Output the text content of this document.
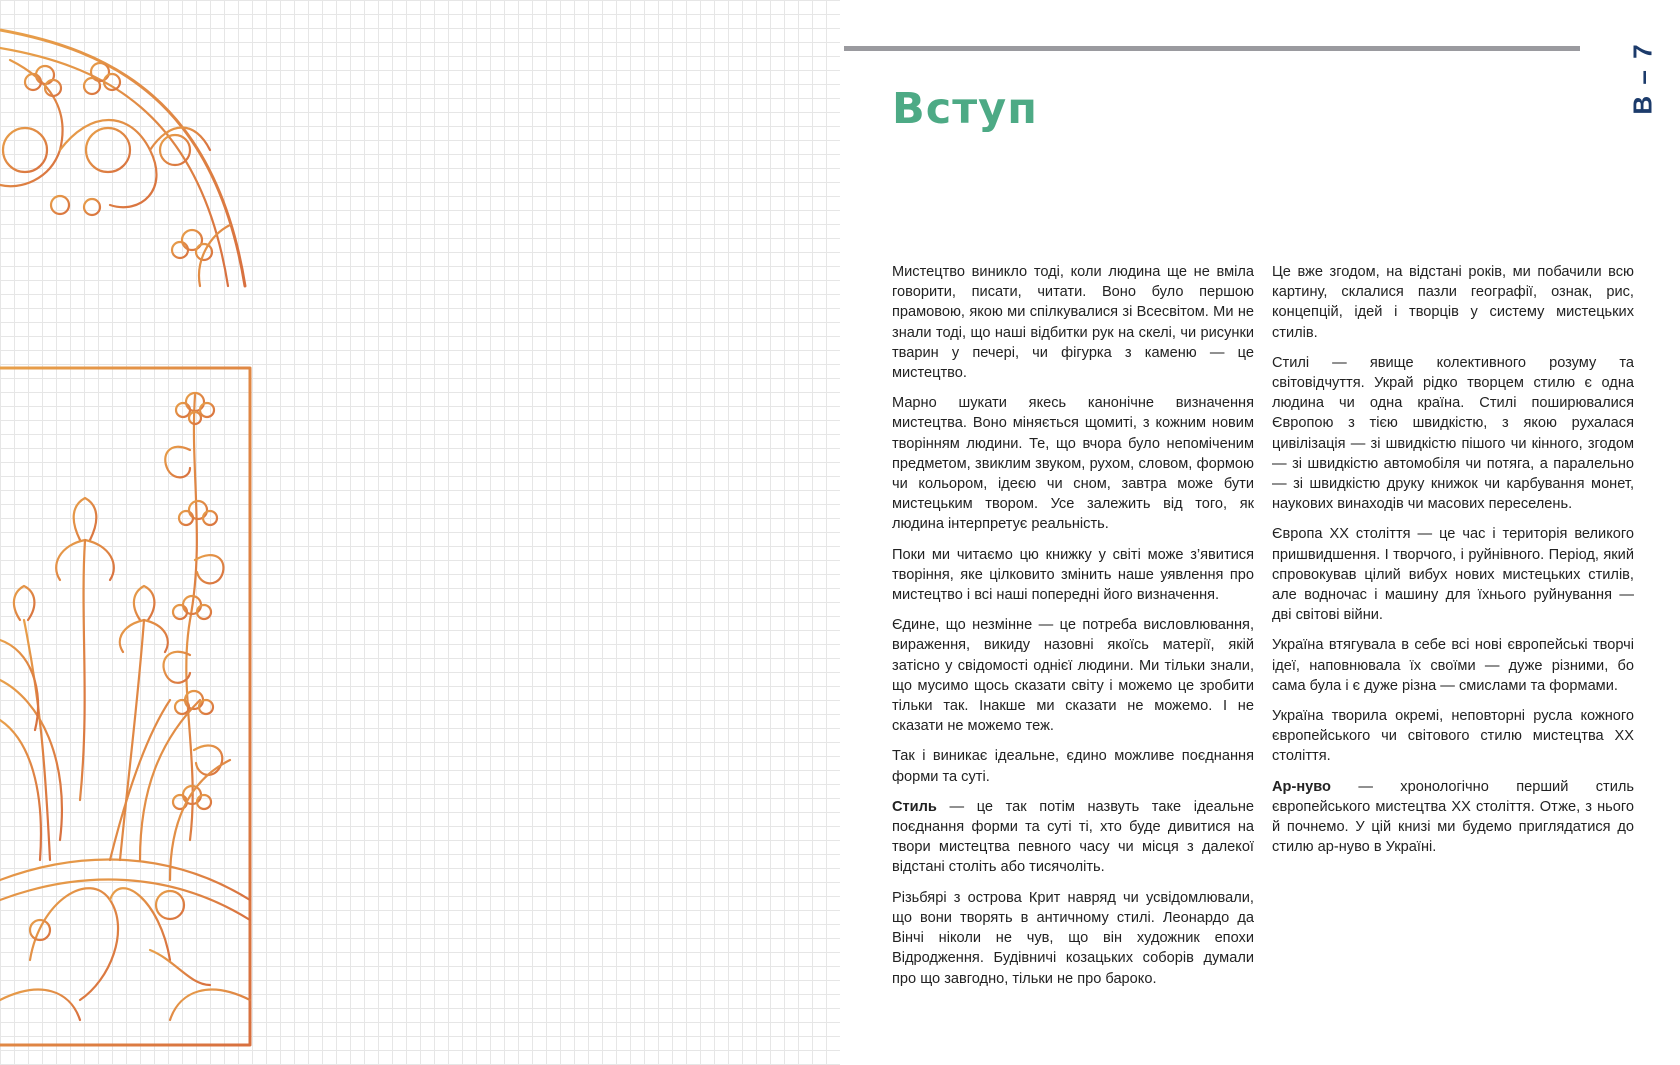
В – 7
Вступ

Мистецтво виникло тоді, коли людина ще не вміла говорити, писати, читати. Воно було першою прамовою, якою ми спілкувалися зі Всесвітом. Ми не знали тоді, що наші відбитки рук на скелі, чи рисунки тварин у печері, чи фігурка з каменю — це мистецтво.

Марно шукати якесь канонічне визначення мистецтва. Воно міняється щомиті, з кожним новим творінням людини. Те, що вчора було непоміченим предметом, звиклим звуком, рухом, словом, формою чи кольором, ідеєю чи сном, завтра може бути мистецьким твором. Усе залежить від того, як людина інтерпретує реальність.

Поки ми читаємо цю книжку у світі може з’явитися творіння, яке цілковито змінить наше уявлення про мистецтво і всі наші попередні його визначення.

Єдине, що незмінне — це потреба висловлювання, вираження, викиду назовні якоїсь матерії, якій затісно у свідомості однієї людини. Ми тільки знали, що мусимо щось сказати світу і можемо це зробити тільки так. Інакше ми сказати не можемо. І не сказати не можемо теж.

Так і виникає ідеальне, єдино можливе поєднання форми та суті.

Стиль — це так потім назвуть таке ідеальне поєднання форми та суті ті, хто буде дивитися на твори мистецтва певного часу чи місця з далекої відстані століть або тисячоліть.

Різьбярі з острова Крит навряд чи усвідомлювали, що вони творять в античному стилі. Леонардо да Вінчі ніколи не чув, що він художник епохи Відродження. Будівничі козацьких соборів думали про що завгодно, тільки не про бароко.

Це вже згодом, на відстані років, ми побачили всю картину, склалися пазли географії, ознак, рис, концепцій, ідей і творців у систему мистецьких стилів.

Стилі — явище колективного розуму та світовідчуття. Украй рідко творцем стилю є одна людина чи одна країна. Стилі поширювалися Європою з тією швидкістю, з якою рухалася цивілізація — зі швидкістю пішого чи кінного, згодом — зі швидкістю автомобіля чи потяга, а паралельно — зі швидкістю друку книжок чи карбування монет, наукових винаходів чи масових переселень.

Європа XX століття — це час і територія великого пришвидшення. І творчого, і руйнівного. Період, який спровокував цілий вибух нових мистецьких стилів, але водночас і машину для їхнього руйнування — дві світові війни.

Україна втягувала в себе всі нові європейські творчі ідеї, наповнювала їх своїми — дуже різними, бо сама була і є дуже різна — смислами та формами.

Україна творила окремі, неповторні русла кожного європейського чи світового стилю мистецтва XX століття.

Ар-нуво — хронологічно перший стиль європейського мистецтва XX століття. Отже, з нього й почнемо. У цій книзі ми будемо приглядатися до стилю ар-нуво в Україні.
